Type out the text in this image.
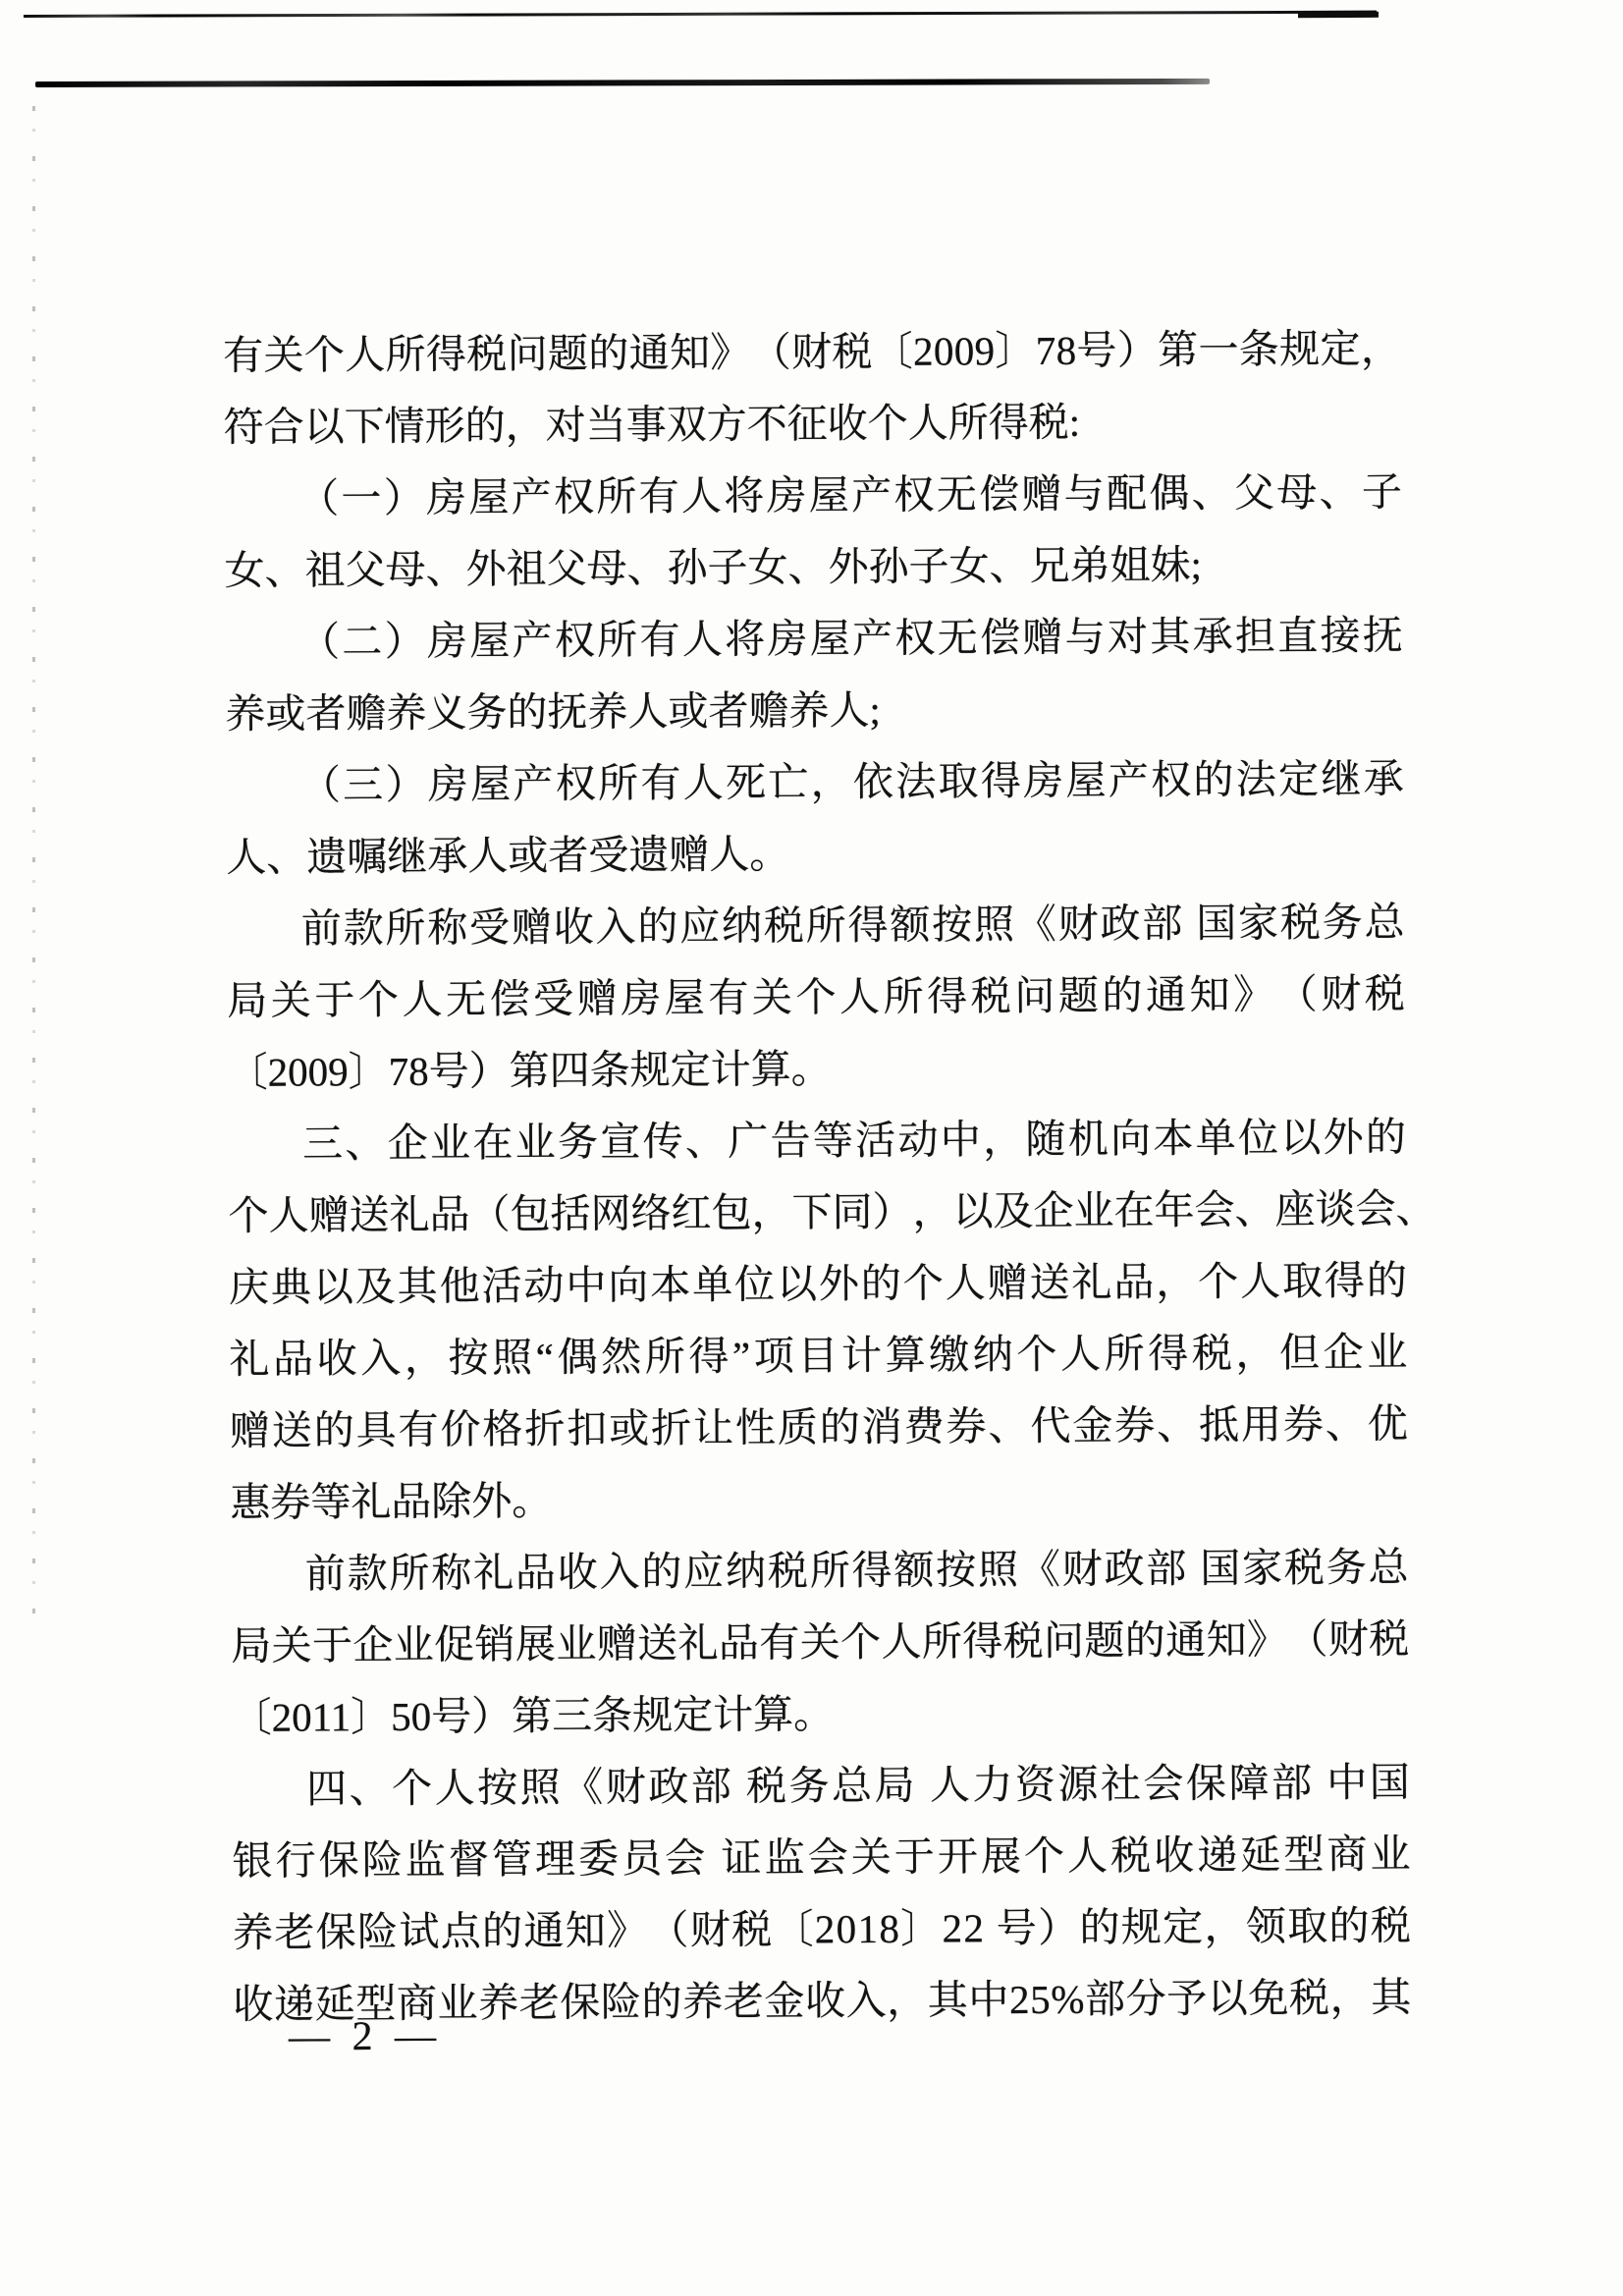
有 关 个 人 所 得 税 问 题 的 通 知 》 （ 财 税 〔 2 0 0 9 〕 7 8 号 ） 第 一 条 规 定 ，
符合以下情形的，对当事双方不征收个人所得税:
（ 一 ） 房 屋 产 权 所 有 人 将 房 屋 产 权 无 偿 赠 与 配 偶 、 父 母 、 子
女、祖父母、外祖父母、孙子女、外孙子女、兄弟姐妹;
（ 二 ） 房 屋 产 权 所 有 人 将 房 屋 产 权 无 偿 赠 与 对 其 承 担 直 接 抚
养或者赡养义务的抚养人或者赡养人;
（ 三 ） 房 屋 产 权 所 有 人 死 亡 ， 依 法 取 得 房 屋 产 权 的 法 定 继 承
人、遗嘱继承人或者受遗赠人。
前 款 所 称 受 赠 收 入 的 应 纳 税 所 得 额 按 照 《 财 政 部
国 家 税 务 总
局 关 于 个 人 无 偿 受 赠 房 屋 有 关 个 人 所 得 税 问 题 的 通 知 》 （ 财 税
〔2009〕78号）第四条规定计算。
三 、 企 业 在 业 务 宣 传 、 广 告 等 活 动 中 ， 随 机 向 本 单 位 以 外 的
个 人 赠 送 礼 品 （ 包 括 网 络 红 包 ， 下 同 ） ， 以 及 企 业 在 年 会 、 座 谈 会 、
庆 典 以 及 其 他 活 动 中 向 本 单 位 以 外 的 个 人 赠 送 礼 品 ， 个 人 取 得 的
礼 品 收 入 ， 按 照 “ 偶 然 所 得 ” 项 目 计 算 缴 纳 个 人 所 得 税 ， 但 企 业
赠 送 的 具 有 价 格 折 扣 或 折 让 性 质 的 消 费 券 、 代 金 券 、 抵 用 券 、 优
惠券等礼品除外。
前 款 所 称 礼 品 收 入 的 应 纳 税 所 得 额 按 照 《 财 政 部
国 家 税 务 总
局 关 于 企 业 促 销 展 业 赠 送 礼 品 有 关 个 人 所 得 税 问 题 的 通 知 》 （ 财 税
〔2011〕50号）第三条规定计算。
四 、 个 人 按 照 《 财 政 部
税 务 总 局
人 力 资 源 社 会 保 障 部
中 国
银 行 保 险 监 督 管 理 委 员 会
证 监 会 关 于 开 展 个 人 税 收 递 延 型 商 业
养 老 保 险 试 点 的 通 知 》 （ 财 税 〔 2 0 1 8 〕 2 2
号 ） 的 规 定 ， 领 取 的 税
收 递 延 型 商 业 养 老 保 险 的 养 老 金 收 入 ， 其 中 2 5 % 部 分 予 以 免 税 ， 其
— 2 —
